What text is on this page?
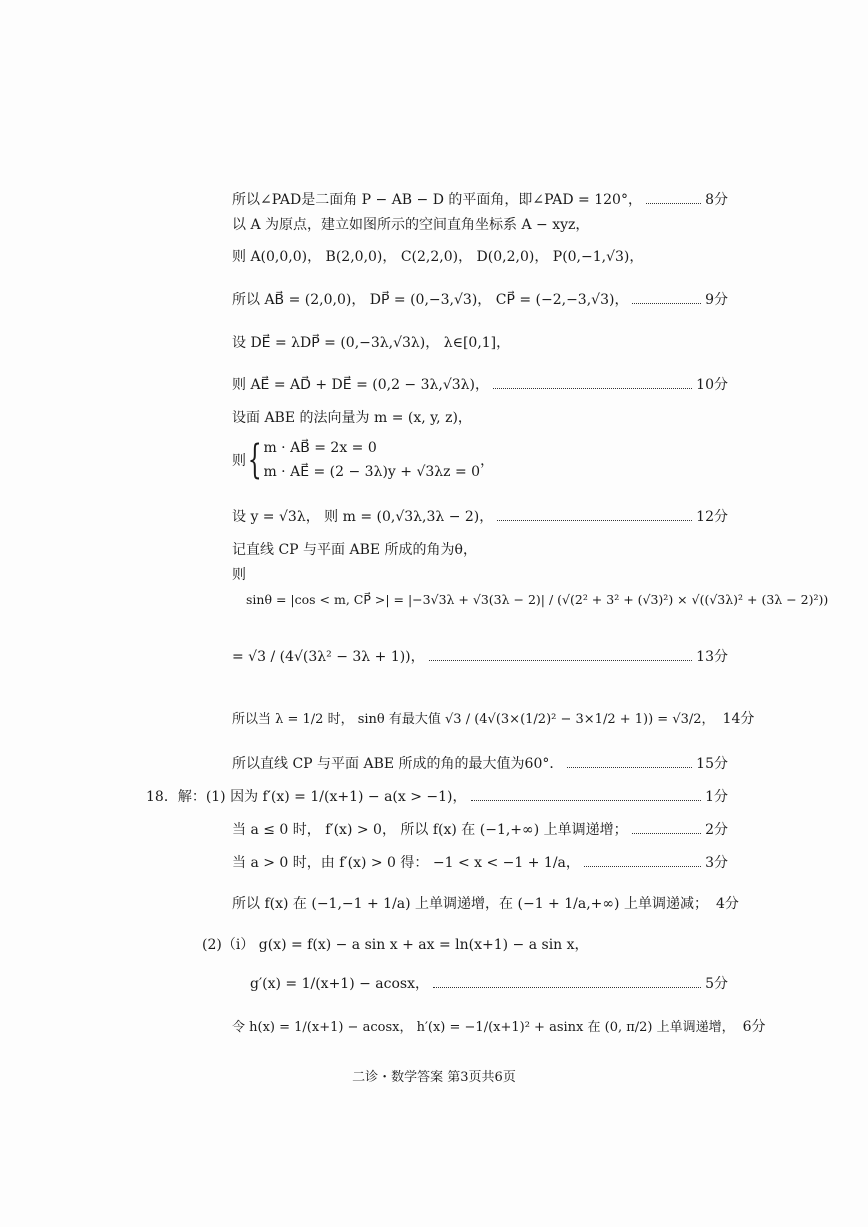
所以∠PAD是二面角 P − AB − D 的平面角，即∠PAD = 120°，	8分
以 A 为原点，建立如图所示的空间直角坐标系 A − xyz，
则 A(0,0,0)， B(2,0,0)， C(2,2,0)， D(0,2,0)， P(0,−1,√3)，
所以 AB⃗ = (2,0,0)， DP⃗ = (0,−3,√3)， CP⃗ = (−2,−3,√3)，	9分
设 DE⃗ = λDP⃗ = (0,−3λ,√3λ)， λ∈[0,1]，
则 AE⃗ = AD⃗ + DE⃗ = (0,2 − 3λ,√3λ)，	10分
设面 ABE 的法向量为 m = (x, y, z)，
则 { m · AB⃗ = 2x = 0
m · AE⃗ = (2 − 3λ)y + √3λz = 0
，
设 y = √3λ， 则 m = (0,√3λ,3λ − 2)，	12分
记直线 CP 与平面 ABE 所成的角为θ，
则
sinθ = |cos < m, CP⃗ >| = |−3√3λ + √3(3λ − 2)| / (√(2² + 3² + (√3)²) × √((√3λ)² + (3λ − 2)²))
= √3 / (4√(3λ² − 3λ + 1))，	13分
所以当 λ = 1/2 时， sinθ 有最大值 √3 / (4√(3×(1/2)² − 3×1/2 + 1)) = √3/2， 14分
所以直线 CP 与平面 ABE 所成的角的最大值为60°．	15分
18．解：(1) 因为 f′(x) = 1/(x+1) − a(x > −1)，	1分
当 a ≤ 0 时， f′(x) > 0， 所以 f(x) 在 (−1,+∞) 上单调递增；	2分
当 a > 0 时，由 f′(x) > 0 得： −1 < x < −1 + 1/a，	3分
所以 f(x) 在 (−1,−1 + 1/a) 上单调递增，在 (−1 + 1/a,+∞) 上单调递减； 4分
(2)（i） g(x) = f(x) − a sin x + ax = ln(x+1) − a sin x，
g′(x) = 1/(x+1) − acosx，	5分
令 h(x) = 1/(x+1) − acosx， h′(x) = −1/(x+1)² + asinx 在 (0, π/2) 上单调递增， 6分
二诊・数学答案 第3页共6页
